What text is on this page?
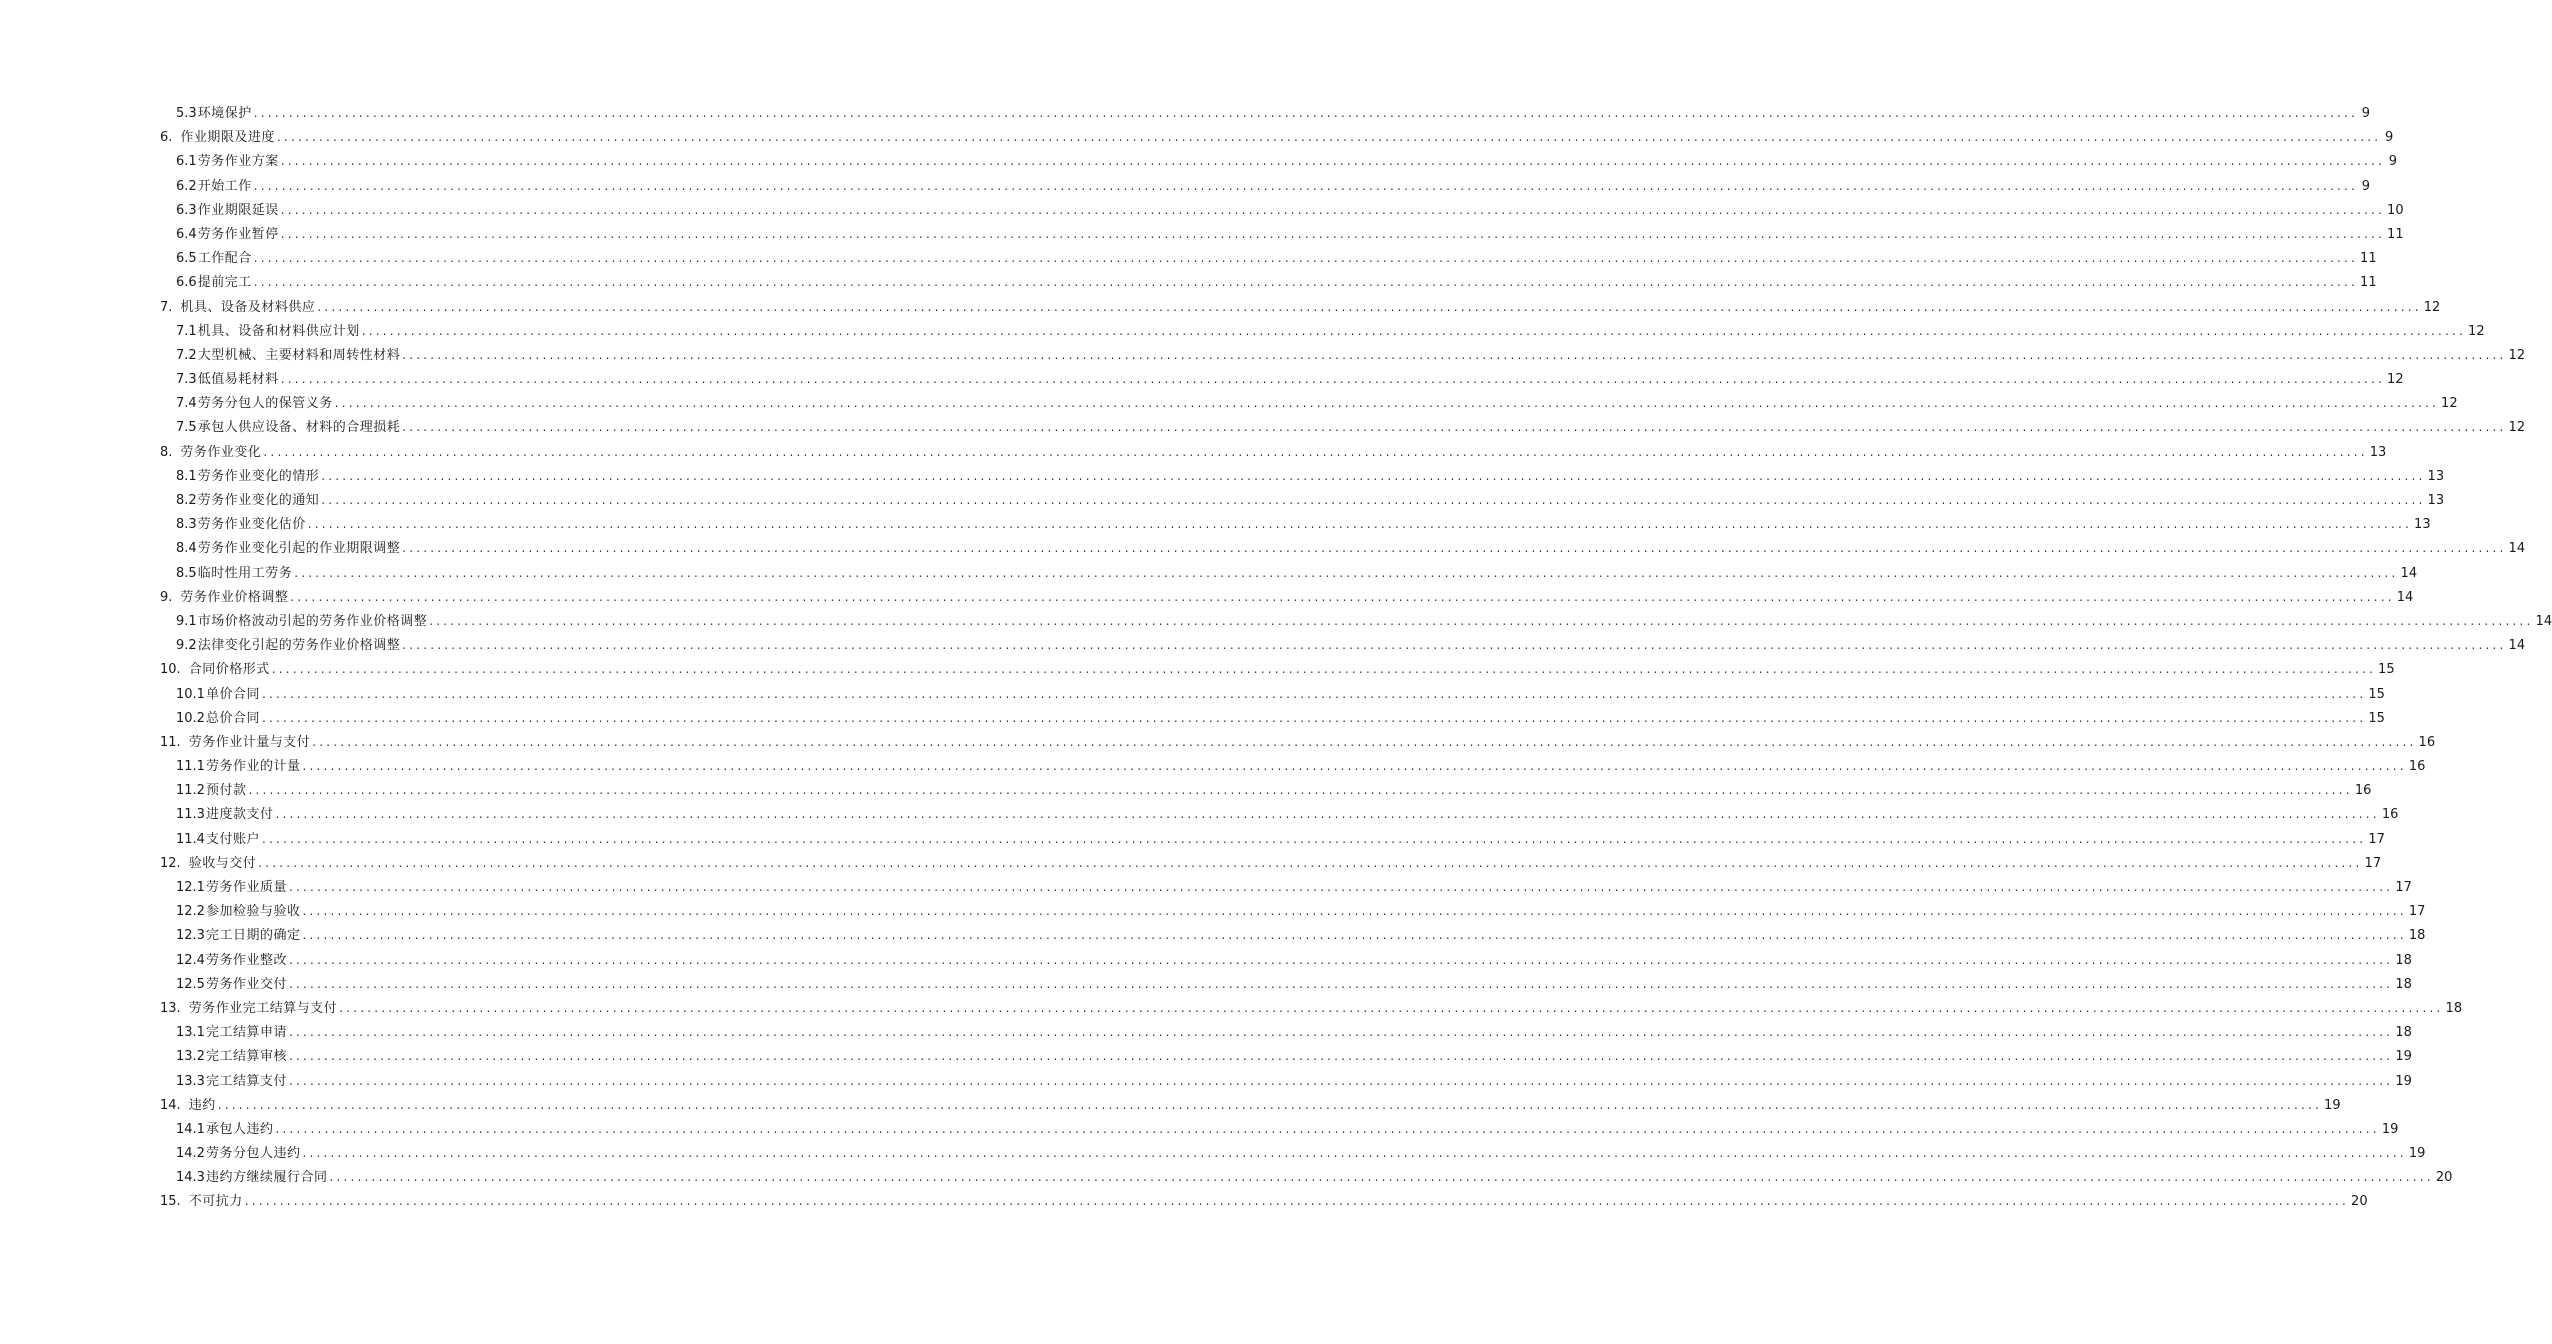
5.3 环境保护 ............................................................................................................................................................................................................................................................................................................ 9
6. 作业期限及进度 ............................................................................................................................................................................................................................................................................................................ 9
6.1 劳务作业方案 ............................................................................................................................................................................................................................................................................................................ 9
6.2 开始工作 ............................................................................................................................................................................................................................................................................................................ 9
6.3 作业期限延误 ............................................................................................................................................................................................................................................................................................................ 10
6.4 劳务作业暂停 ............................................................................................................................................................................................................................................................................................................ 11
6.5 工作配合 ............................................................................................................................................................................................................................................................................................................ 11
6.6 提前完工 ............................................................................................................................................................................................................................................................................................................ 11
7. 机具、设备及材料供应 ............................................................................................................................................................................................................................................................................................................ 12
7.1 机具、设备和材料供应计划 ............................................................................................................................................................................................................................................................................................................ 12
7.2 大型机械、主要材料和周转性材料 ............................................................................................................................................................................................................................................................................................................ 12
7.3 低值易耗材料 ............................................................................................................................................................................................................................................................................................................ 12
7.4 劳务分包人的保管义务 ............................................................................................................................................................................................................................................................................................................ 12
7.5 承包人供应设备、材料的合理损耗 ............................................................................................................................................................................................................................................................................................................ 12
8. 劳务作业变化 ............................................................................................................................................................................................................................................................................................................ 13
8.1 劳务作业变化的情形 ............................................................................................................................................................................................................................................................................................................ 13
8.2 劳务作业变化的通知 ............................................................................................................................................................................................................................................................................................................ 13
8.3 劳务作业变化估价 ............................................................................................................................................................................................................................................................................................................ 13
8.4 劳务作业变化引起的作业期限调整 ............................................................................................................................................................................................................................................................................................................ 14
8.5 临时性用工劳务 ............................................................................................................................................................................................................................................................................................................ 14
9. 劳务作业价格调整 ............................................................................................................................................................................................................................................................................................................ 14
9.1 市场价格波动引起的劳务作业价格调整 ............................................................................................................................................................................................................................................................................................................ 14
9.2 法律变化引起的劳务作业价格调整 ............................................................................................................................................................................................................................................................................................................ 14
10. 合同价格形式 ............................................................................................................................................................................................................................................................................................................ 15
10.1 单价合同 ............................................................................................................................................................................................................................................................................................................ 15
10.2 总价合同 ............................................................................................................................................................................................................................................................................................................ 15
11. 劳务作业计量与支付 ............................................................................................................................................................................................................................................................................................................ 16
11.1 劳务作业的计量 ............................................................................................................................................................................................................................................................................................................ 16
11.2 预付款 ............................................................................................................................................................................................................................................................................................................ 16
11.3 进度款支付 ............................................................................................................................................................................................................................................................................................................ 16
11.4 支付账户 ............................................................................................................................................................................................................................................................................................................ 17
12. 验收与交付 ............................................................................................................................................................................................................................................................................................................ 17
12.1 劳务作业质量 ............................................................................................................................................................................................................................................................................................................ 17
12.2 参加检验与验收 ............................................................................................................................................................................................................................................................................................................ 17
12.3 完工日期的确定 ............................................................................................................................................................................................................................................................................................................ 18
12.4 劳务作业整改 ............................................................................................................................................................................................................................................................................................................ 18
12.5 劳务作业交付 ............................................................................................................................................................................................................................................................................................................ 18
13. 劳务作业完工结算与支付 ............................................................................................................................................................................................................................................................................................................ 18
13.1 完工结算申请 ............................................................................................................................................................................................................................................................................................................ 18
13.2 完工结算审核 ............................................................................................................................................................................................................................................................................................................ 19
13.3 完工结算支付 ............................................................................................................................................................................................................................................................................................................ 19
14. 违约 ............................................................................................................................................................................................................................................................................................................ 19
14.1 承包人违约 ............................................................................................................................................................................................................................................................................................................ 19
14.2 劳务分包人违约 ............................................................................................................................................................................................................................................................................................................ 19
14.3 违约方继续履行合同 ............................................................................................................................................................................................................................................................................................................ 20
15. 不可抗力 ............................................................................................................................................................................................................................................................................................................ 20
